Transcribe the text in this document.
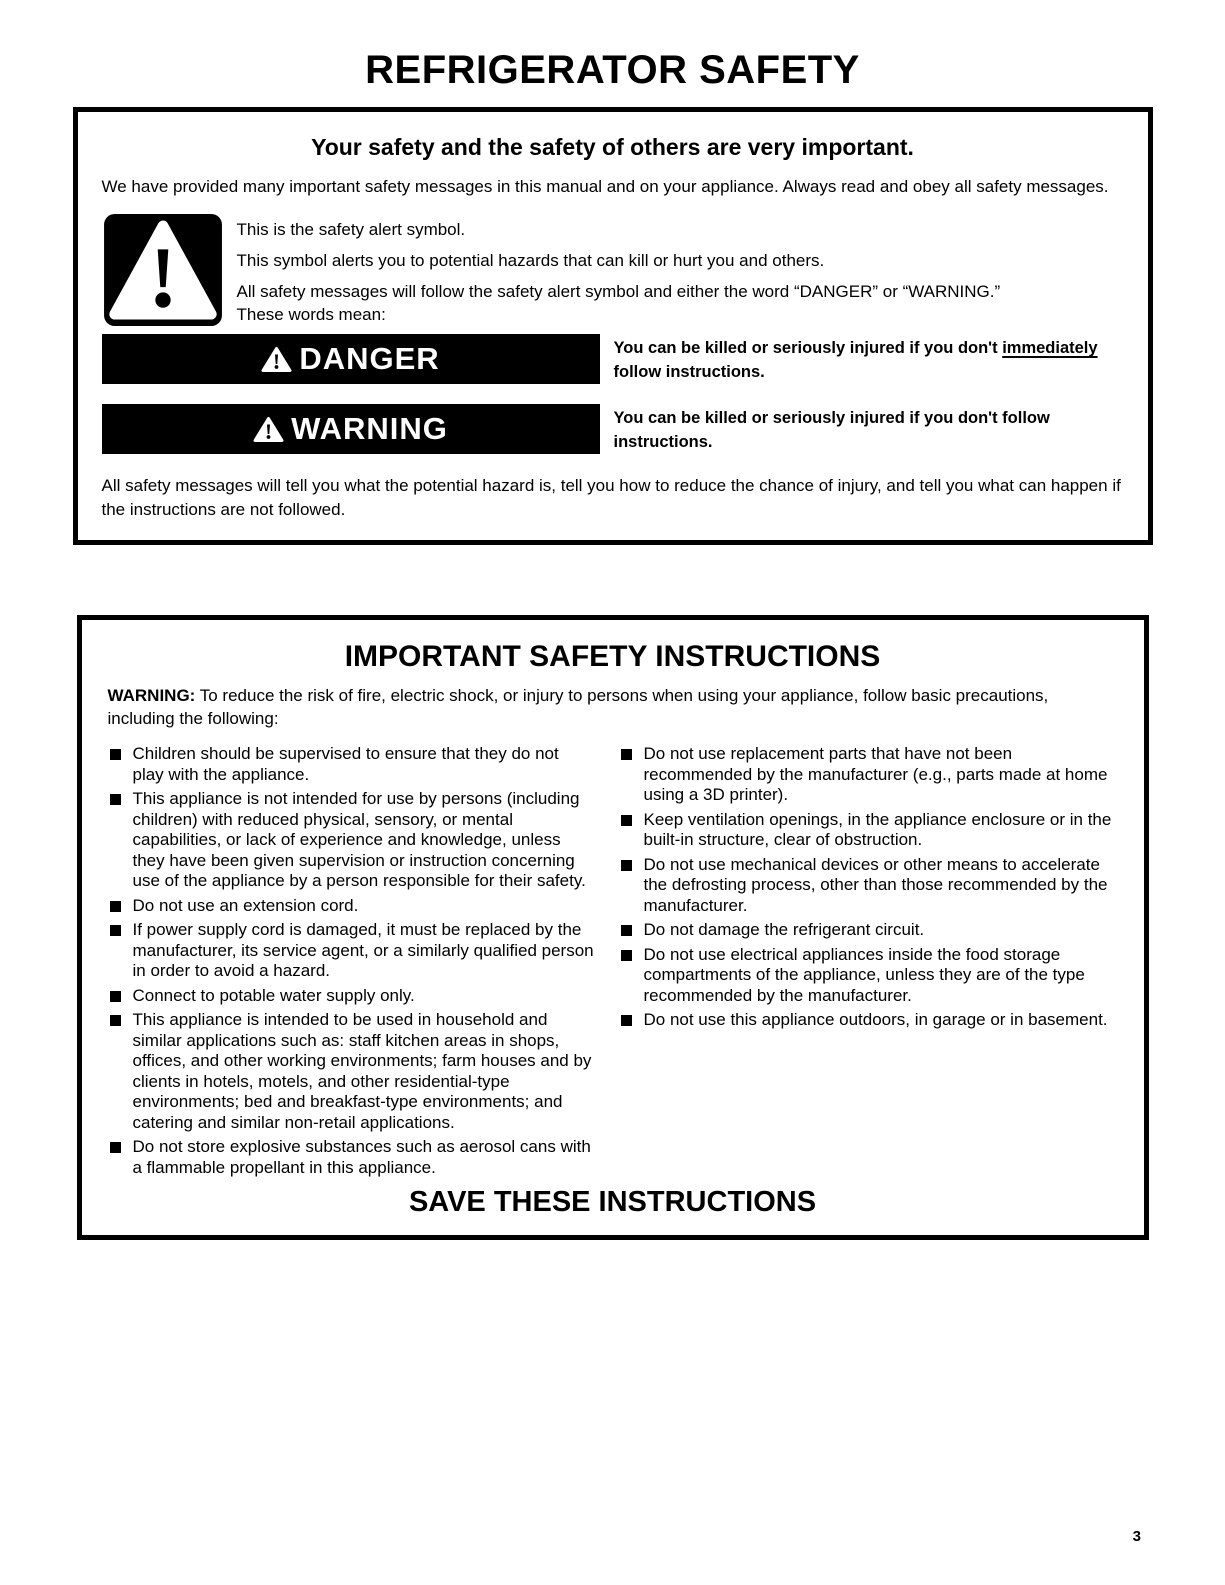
REFRIGERATOR SAFETY
Your safety and the safety of others are very important.

We have provided many important safety messages in this manual and on your appliance. Always read and obey all safety messages.

This is the safety alert symbol.

This symbol alerts you to potential hazards that can kill or hurt you and others.

All safety messages will follow the safety alert symbol and either the word “DANGER” or “WARNING.”

These words mean:

DANGER	You can be killed or seriously injured if you don't immediately follow instructions.

WARNING	You can be killed or seriously injured if you don't follow instructions.

All safety messages will tell you what the potential hazard is, tell you how to reduce the chance of injury, and tell you what can happen if the instructions are not followed.

IMPORTANT SAFETY INSTRUCTIONS

WARNING: To reduce the risk of fire, electric shock, or injury to persons when using your appliance, follow basic precautions, including the following:

Children should be supervised to ensure that they do not play with the appliance.
This appliance is not intended for use by persons (including children) with reduced physical, sensory, or mental capabilities, or lack of experience and knowledge, unless they have been given supervision or instruction concerning use of the appliance by a person responsible for their safety.
Do not use an extension cord.
If power supply cord is damaged, it must be replaced by the manufacturer, its service agent, or a similarly qualified person in order to avoid a hazard.
Connect to potable water supply only.
This appliance is intended to be used in household and similar applications such as: staff kitchen areas in shops, offices, and other working environments; farm houses and by clients in hotels, motels, and other residential-type environments; bed and breakfast-type environments; and catering and similar non-retail applications.
Do not store explosive substances such as aerosol cans with a flammable propellant in this appliance.
Do not use replacement parts that have not been recommended by the manufacturer (e.g., parts made at home using a 3D printer).
Keep ventilation openings, in the appliance enclosure or in the built-in structure, clear of obstruction.
Do not use mechanical devices or other means to accelerate the defrosting process, other than those recommended by the manufacturer.
Do not damage the refrigerant circuit.
Do not use electrical appliances inside the food storage compartments of the appliance, unless they are of the type recommended by the manufacturer.
Do not use this appliance outdoors, in garage or in basement.
SAVE THESE INSTRUCTIONS
3
